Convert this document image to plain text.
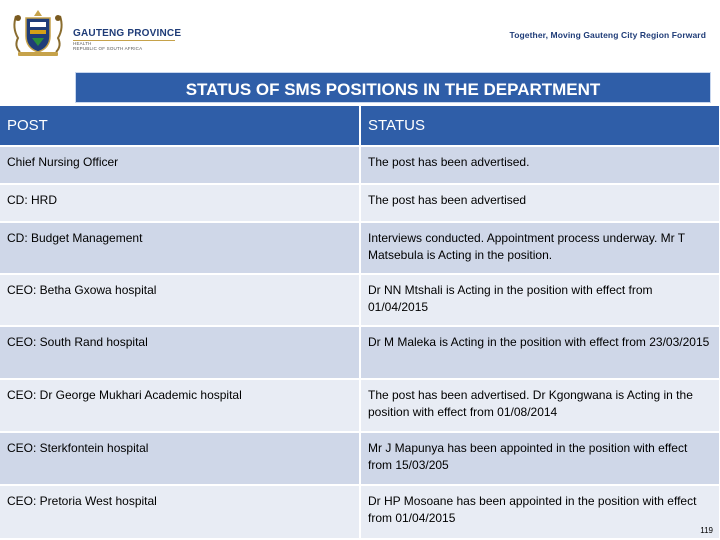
GAUTENG PROVINCE
HEALTH
REPUBLIC OF SOUTH AFRICA
Together, Moving Gauteng City Region Forward
STATUS OF SMS POSITIONS IN THE DEPARTMENT
POST	STATUS
Chief Nursing Officer	The post has been advertised.
CD: HRD	The post has been advertised
CD: Budget Management	Interviews conducted. Appointment process underway. Mr T Matsebula is Acting in the position.
CEO: Betha Gxowa hospital	Dr NN Mtshali is Acting in the position with effect from 01/04/2015
CEO: South Rand hospital	Dr M Maleka is Acting in the position with effect from 23/03/2015
CEO: Dr George Mukhari Academic hospital	The post has been advertised. Dr Kgongwana is Acting in the position with effect from 01/08/2014
CEO: Sterkfontein hospital	Mr J Mapunya has been appointed in the position with effect from 15/03/205
CEO: Pretoria West hospital	Dr HP Mosoane has been appointed in the position with effect from 01/04/2015
119
